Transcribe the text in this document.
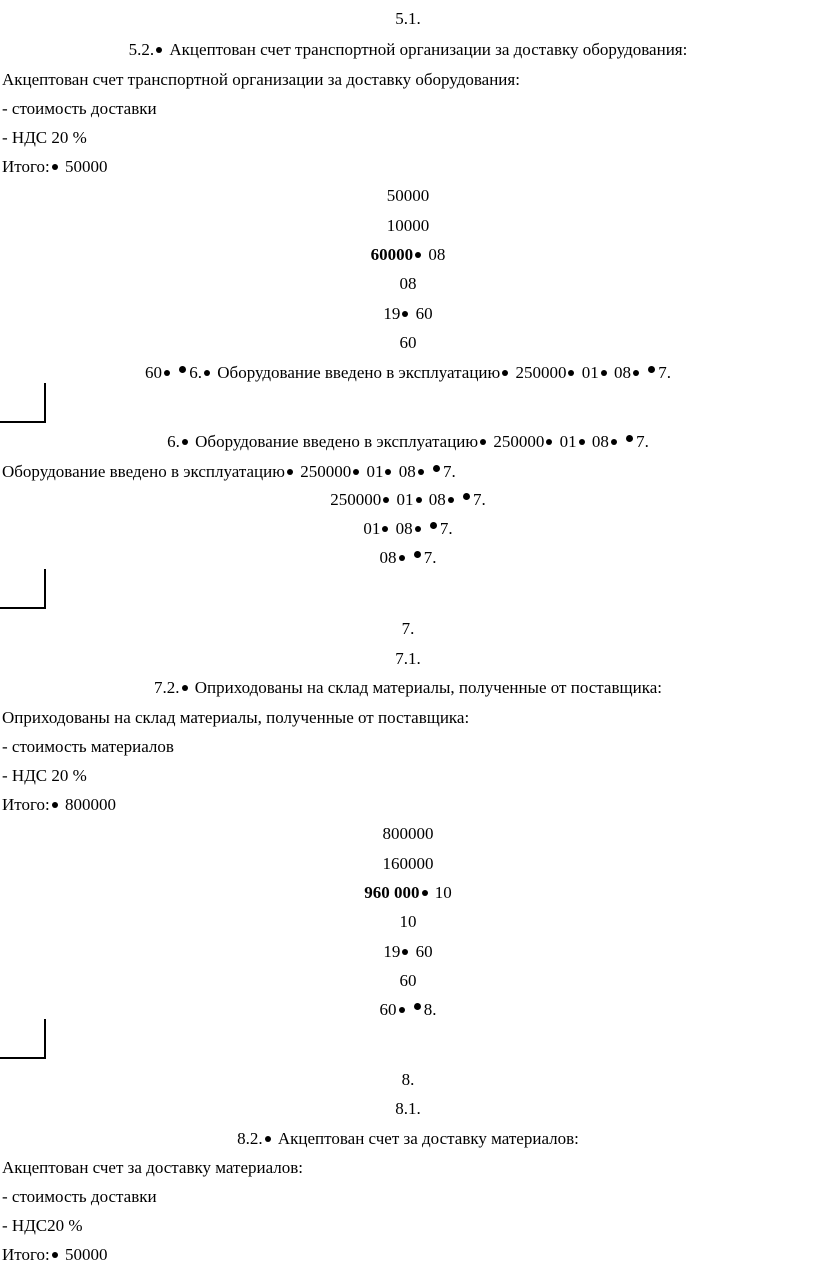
5.1.
5.2. Акцептован счет транспортной организации за доставку оборудования:
Акцептован счет транспортной организации за доставку оборудования:
- стоимость доставки
- НДС 20 %
Итого: 50000
50000
10000
60000 08
08
19 60
60
60 6. Оборудование введено в эксплуатацию 250000 01 08 7.
6. Оборудование введено в эксплуатацию 250000 01 08 7.
Оборудование введено в эксплуатацию 250000 01 08 7.
250000 01 08 7.
01 08 7.
08 7.
7.
7.1.
7.2. Оприходованы на склад материалы, полученные от поставщика:
Оприходованы на склад материалы, полученные от поставщика:
- стоимость материалов
- НДС 20 %
Итого: 800000
800000
160000
960 000 10
10
19 60
60
60 8.
8.
8.1.
8.2. Акцептован счет за доставку материалов:
Акцептован счет за доставку материалов:
- стоимость доставки
- НДС20 %
Итого: 50000
